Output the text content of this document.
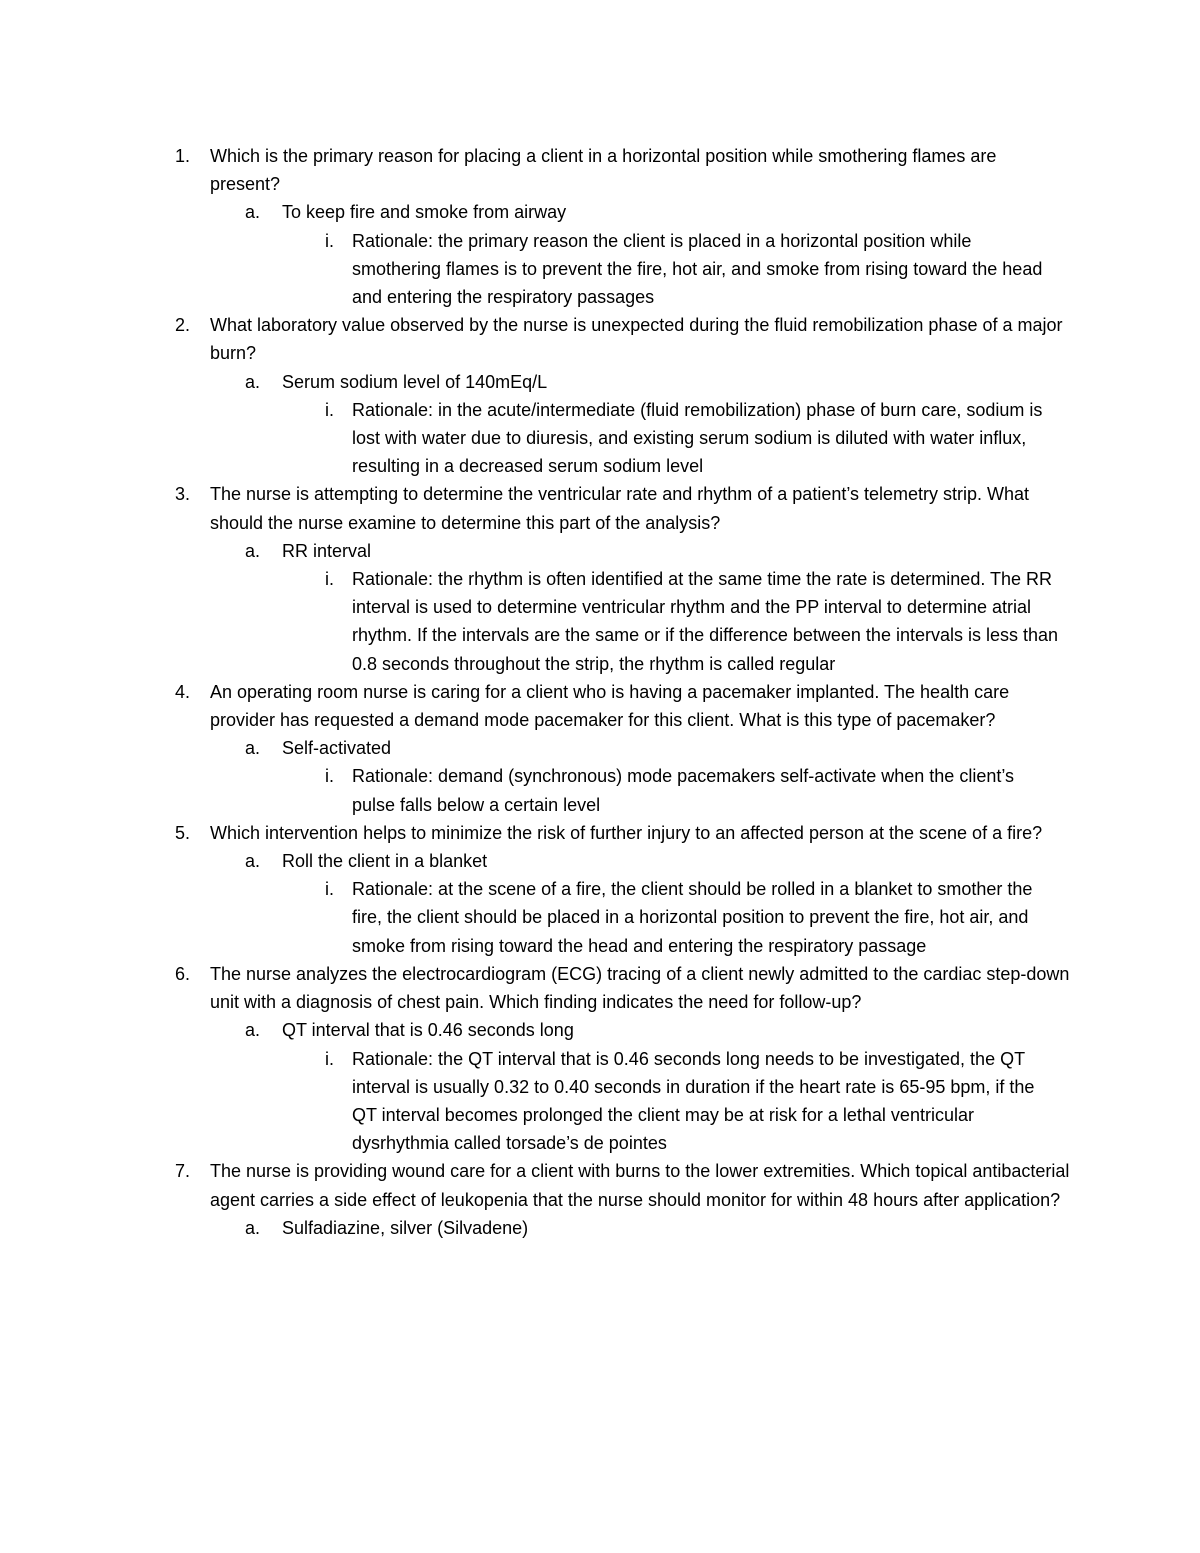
1. Which is the primary reason for placing a client in a horizontal position while smothering flames are present?
a. To keep fire and smoke from airway
i. Rationale: the primary reason the client is placed in a horizontal position while smothering flames is to prevent the fire, hot air, and smoke from rising toward the head and entering the respiratory passages
2. What laboratory value observed by the nurse is unexpected during the fluid remobilization phase of a major burn?
a. Serum sodium level of 140mEq/L
i. Rationale: in the acute/intermediate (fluid remobilization) phase of burn care, sodium is lost with water due to diuresis, and existing serum sodium is diluted with water influx, resulting in a decreased serum sodium level
3. The nurse is attempting to determine the ventricular rate and rhythm of a patient’s telemetry strip. What should the nurse examine to determine this part of the analysis?
a. RR interval
i. Rationale: the rhythm is often identified at the same time the rate is determined. The RR interval is used to determine ventricular rhythm and the PP interval to determine atrial rhythm. If the intervals are the same or if the difference between the intervals is less than 0.8 seconds throughout the strip, the rhythm is called regular
4. An operating room nurse is caring for a client who is having a pacemaker implanted. The health care provider has requested a demand mode pacemaker for this client. What is this type of pacemaker?
a. Self-activated
i. Rationale: demand (synchronous) mode pacemakers self-activate when the client’s pulse falls below a certain level
5. Which intervention helps to minimize the risk of further injury to an affected person at the scene of a fire?
a. Roll the client in a blanket
i. Rationale: at the scene of a fire, the client should be rolled in a blanket to smother the fire, the client should be placed in a horizontal position to prevent the fire, hot air, and smoke from rising toward the head and entering the respiratory passage
6. The nurse analyzes the electrocardiogram (ECG) tracing of a client newly admitted to the cardiac step-down unit with a diagnosis of chest pain. Which finding indicates the need for follow-up?
a. QT interval that is 0.46 seconds long
i. Rationale: the QT interval that is 0.46 seconds long needs to be investigated, the QT interval is usually 0.32 to 0.40 seconds in duration if the heart rate is 65-95 bpm, if the QT interval becomes prolonged the client may be at risk for a lethal ventricular dysrhythmia called torsade’s de pointes
7. The nurse is providing wound care for a client with burns to the lower extremities. Which topical antibacterial agent carries a side effect of leukopenia that the nurse should monitor for within 48 hours after application?
a. Sulfadiazine, silver (Silvadene)
